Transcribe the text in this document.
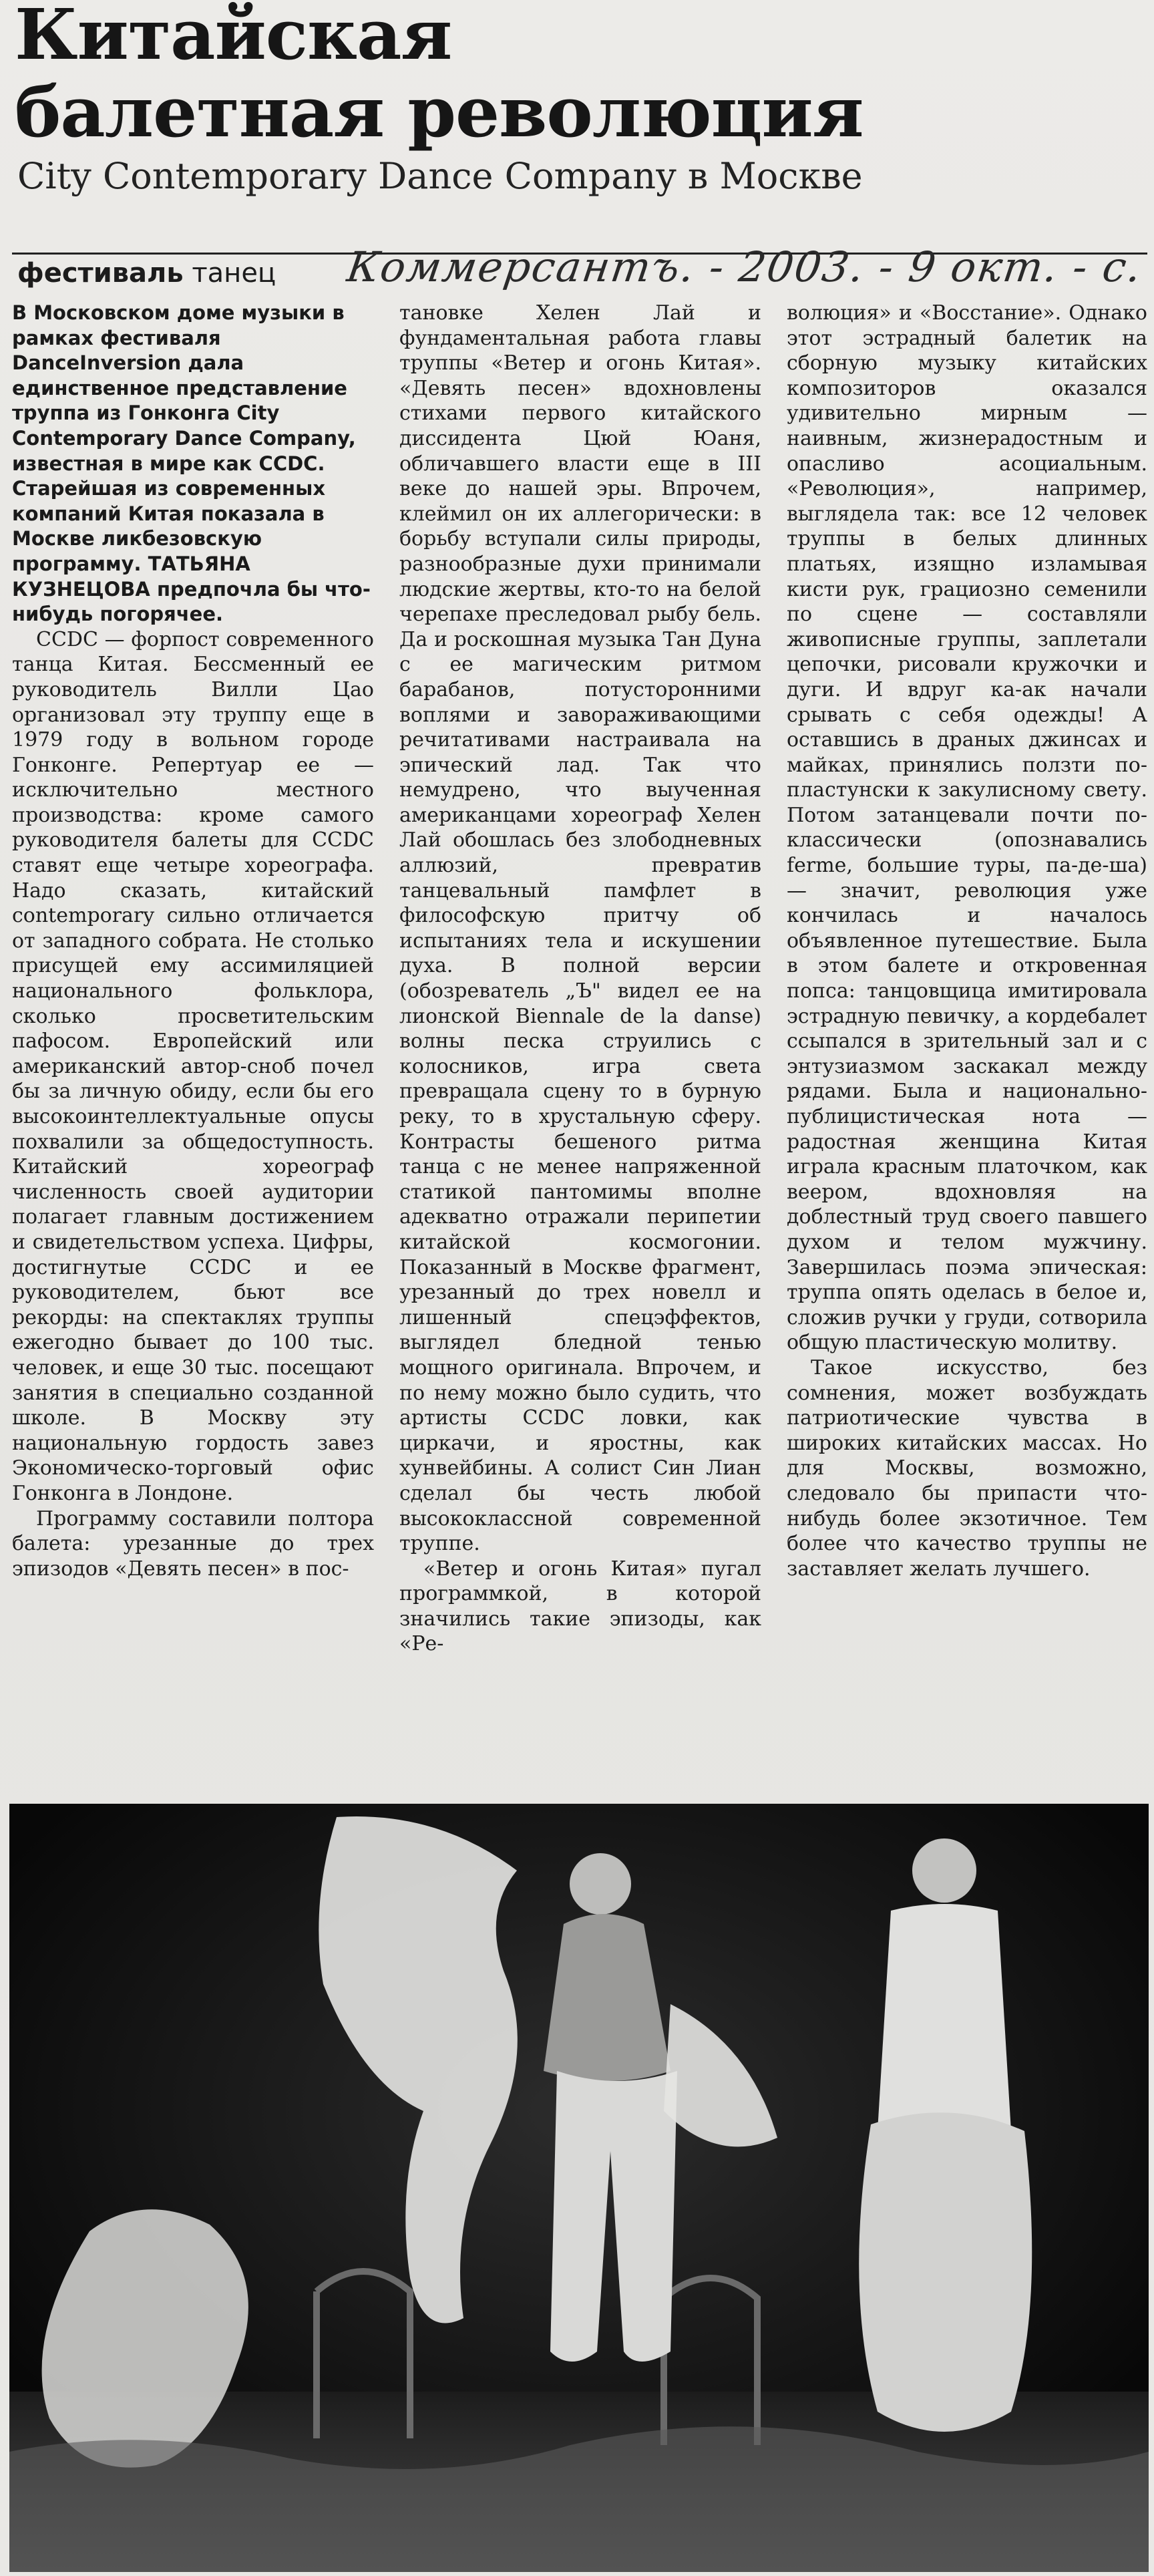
Китайская
балетная революция
City Contemporary Dance Company в Москве
фестиваль танец Коммерсантъ. - 2003. - 9 окт. - с.

В Московском доме музыки в рамках фестиваля DanceInversion дала единственное представление труппа из Гонконга City Contemporary Dance Company, известная в мире как CCDC. Старейшая из современных компаний Китая показала в Москве ликбезовскую программу. ТАТЬЯНА КУЗНЕЦОВА предпочла бы что-нибудь погорячее.

CCDC — форпост современного танца Китая. Бессменный ее руководитель Вилли Цао организовал эту труппу еще в 1979 году в вольном городе Гонконге. Репертуар ее — исключительно местного производства: кроме самого руководителя балеты для CCDC ставят еще четыре хореографа. Надо сказать, китайский contemporary сильно отличается от западного собрата. Не столько присущей ему ассимиляцией национального фольклора, сколько просветительским пафосом. Европейский или американский автор-сноб почел бы за личную обиду, если бы его высокоинтеллектуальные опусы похвалили за общедоступность. Китайский хореограф численность своей аудитории полагает главным достижением и свидетельством успеха. Цифры, достигнутые CCDC и ее руководителем, бьют все рекорды: на спектаклях труппы ежегодно бывает до 100 тыс. человек, и еще 30 тыс. посещают занятия в специально созданной школе. В Москву эту национальную гордость завез Экономическо-торговый офис Гонконга в Лондоне.

Программу составили полтора балета: урезанные до трех эпизодов «Девять песен» в пос-

тановке Хелен Лай и фундаментальная работа главы труппы «Ветер и огонь Китая». «Девять песен» вдохновлены стихами первого китайского диссидента Цюй Юаня, обличавшего власти еще в III веке до нашей эры. Впрочем, клеймил он их аллегорически: в борьбу вступали силы природы, разнообразные духи принимали людские жертвы, кто-то на белой черепахе преследовал рыбу бель. Да и роскошная музыка Тан Дуна с ее магическим ритмом барабанов, потусторонними воплями и завораживающими речитативами настраивала на эпический лад. Так что немудрено, что выученная американцами хореограф Хелен Лай обошлась без злободневных аллюзий, превратив танцевальный памфлет в философскую притчу об испытаниях тела и искушении духа. В полной версии (обозреватель „Ъ" видел ее на лионской Biennale de la danse) волны песка струились с колосников, игра света превращала сцену то в бурную реку, то в хрустальную сферу. Контрасты бешеного ритма танца с не менее напряженной статикой пантомимы вполне адекватно отражали перипетии китайской космогонии. Показанный в Москве фрагмент, урезанный до трех новелл и лишенный спецэффектов, выглядел бледной тенью мощного оригинала. Впрочем, и по нему можно было судить, что артисты CCDC ловки, как циркачи, и яростны, как хунвейбины. А солист Син Лиан сделал бы честь любой высококлассной современной труппе.

«Ветер и огонь Китая» пугал программкой, в которой значились такие эпизоды, как «Ре-

волюция» и «Восстание». Однако этот эстрадный балетик на сборную музыку китайских композиторов оказался удивительно мирным — наивным, жизнерадостным и опасливо асоциальным. «Революция», например, выглядела так: все 12 человек труппы в белых длинных платьях, изящно изламывая кисти рук, грациозно семенили по сцене — составляли живописные группы, заплетали цепочки, рисовали кружочки и дуги. И вдруг ка-ак начали срывать с себя одежды! А оставшись в драных джинсах и майках, принялись ползти по-пластунски к закулисному свету. Потом затанцевали почти по-классически (опознавались ferme, большие туры, па-де-ша) — значит, революция уже кончилась и началось объявленное путешествие. Была в этом балете и откровенная попса: танцовщица имитировала эстрадную певичку, а кордебалет ссыпался в зрительный зал и с энтузиазмом заскакал между рядами. Была и национально-публицистическая нота — радостная женщина Китая играла красным платочком, как веером, вдохновляя на доблестный труд своего павшего духом и телом мужчину. Завершилась поэма эпическая: труппа опять оделась в белое и, сложив ручки у груди, сотворила общую пластическую молитву.

Такое искусство, без сомнения, может возбуждать патриотические чувства в широких китайских массах. Но для Москвы, возможно, следовало бы припасти что-нибудь более экзотичное. Тем более что качество труппы не заставляет желать лучшего.
